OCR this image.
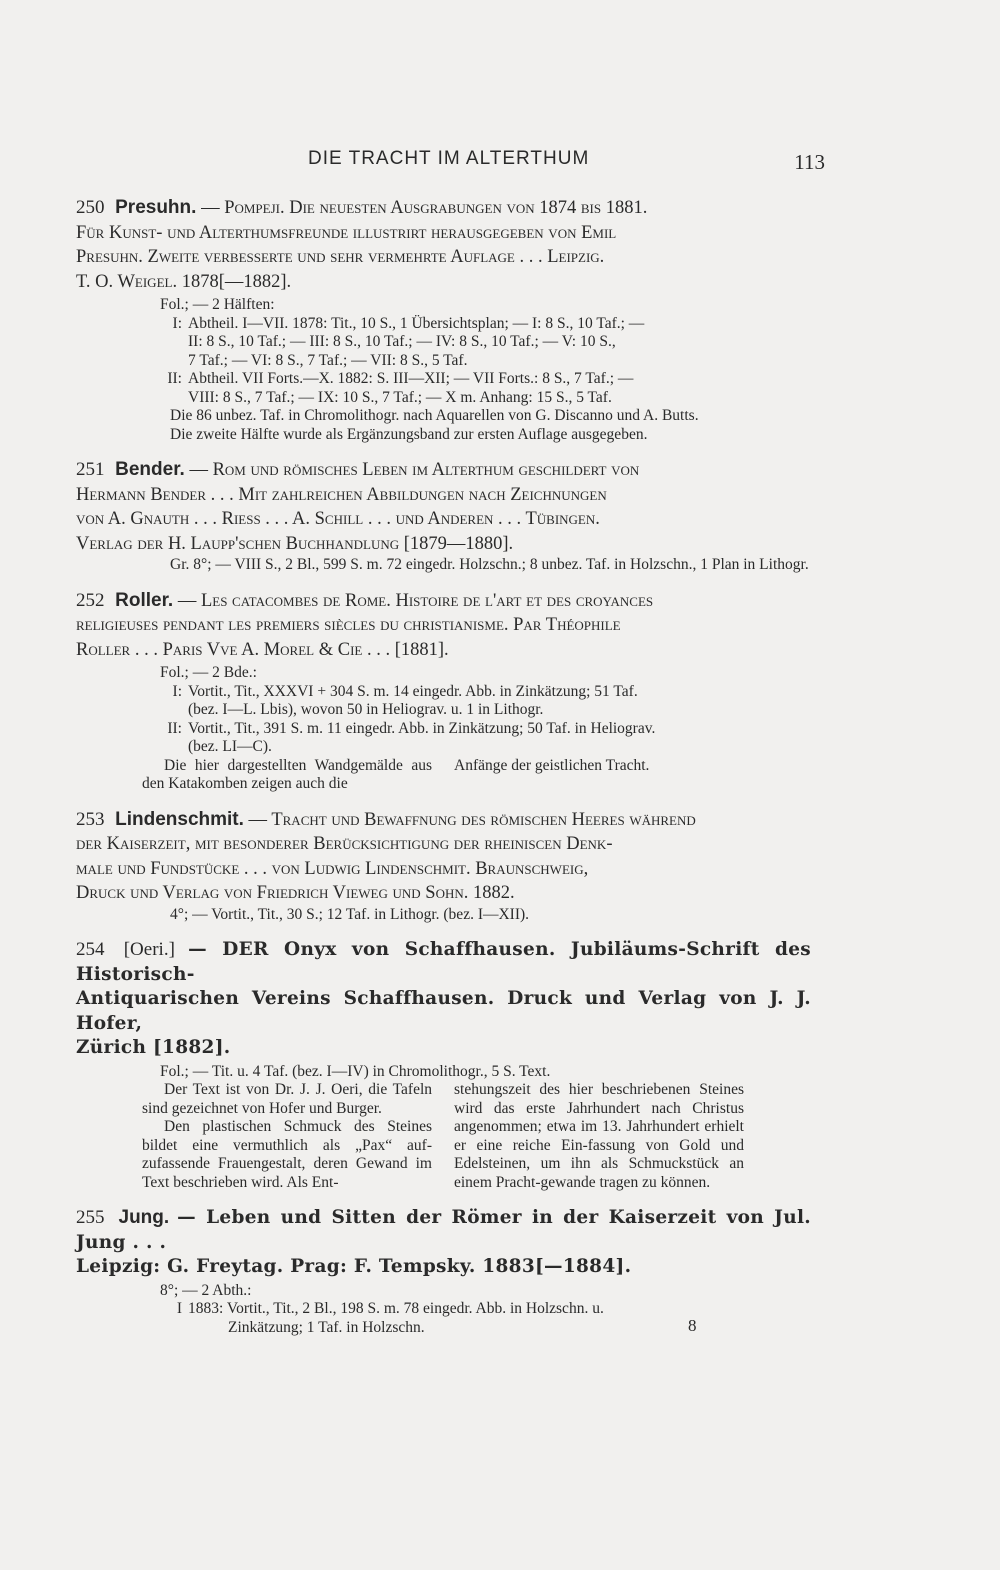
DIE TRACHT IM ALTERTHUM	113
250 Presuhn. — Pompeji. Die neuesten Ausgrabungen von 1874 bis 1881.
Für Kunst- und Alterthumsfreunde illustrirt herausgegeben von Emil
Presuhn. Zweite verbesserte und sehr vermehrte Auflage . . . Leipzig.
T. O. Weigel. 1878[—1882].
Fol.; — 2 Hälften:
I: Abtheil. I—VII. 1878: Tit., 10 S., 1 Übersichtsplan; — I: 8 S., 10 Taf.; —
II: 8 S., 10 Taf.; — III: 8 S., 10 Taf.; — IV: 8 S., 10 Taf.; — V: 10 S.,
7 Taf.; — VI: 8 S., 7 Taf.; — VII: 8 S., 5 Taf.
II: Abtheil. VII Forts.—X. 1882: S. III—XII; — VII Forts.: 8 S., 7 Taf.; —
VIII: 8 S., 7 Taf.; — IX: 10 S., 7 Taf.; — X m. Anhang: 15 S., 5 Taf.

Die 86 unbez. Taf. in Chromolithogr. nach Aquarellen von G. Discanno und A. Butts.

Die zweite Hälfte wurde als Ergänzungsband zur ersten Auflage ausgegeben.

251 Bender. — Rom und römisches Leben im Alterthum geschildert von
Hermann Bender . . . Mit zahlreichen Abbildungen nach Zeichnungen
von A. Gnauth . . . Riess . . . A. Schill . . . und Anderen . . . Tübingen.
Verlag der H. Laupp'schen Buchhandlung [1879—1880].

Gr. 8°; — VIII S., 2 Bl., 599 S. m. 72 eingedr. Holzschn.; 8 unbez. Taf. in Holzschn., 1 Plan in Lithogr.

252 Roller. — Les catacombes de Rome. Histoire de l'art et des croyances
religieuses pendant les premiers siècles du christianisme. Par Théophile
Roller . . . Paris Vve A. Morel & Cie . . . [1881].
Fol.; — 2 Bde.:
I: Vortit., Tit., XXXVI + 304 S. m. 14 eingedr. Abb. in Zinkätzung; 51 Taf.
(bez. I—L. Lbis), wovon 50 in Heliograv. u. 1 in Lithogr.
II: Vortit., Tit., 391 S. m. 11 eingedr. Abb. in Zinkätzung; 50 Taf. in Heliograv.
(bez. LI—C).

Die hier dargestellten Wandgemälde aus den Katakomben zeigen auch die

Anfänge der geistlichen Tracht.

253 Lindenschmit. — Tracht und Bewaffnung des römischen Heeres während
der Kaiserzeit, mit besonderer Berücksichtigung der rheiniscen Denk-
male und Fundstücke . . . von Ludwig Lindenschmit. Braunschweig,
Druck und Verlag von Friedrich Vieweg und Sohn. 1882.

4°; — Vortit., Tit., 30 S.; 12 Taf. in Lithogr. (bez. I—XII).

254 [Oeri.] — DER Onyx von Schaffhausen. Jubiläums-Schrift des Historisch-
Antiquarischen Vereins Schaffhausen. Druck und Verlag von J. J. Hofer,
Zürich [1882].
Fol.; — Tit. u. 4 Taf. (bez. I—IV) in Chromolithogr., 5 S. Text.

Der Text ist von Dr. J. J. Oeri, die Tafeln sind gezeichnet von Hofer und Burger.

Den plastischen Schmuck des Steines bildet eine vermuthlich als „Pax“ auf-zufassende Frauengestalt, deren Gewand im Text beschrieben wird. Als Ent-

stehungszeit des hier beschriebenen Steines wird das erste Jahrhundert nach Christus angenommen; etwa im 13. Jahrhundert erhielt er eine reiche Ein-fassung von Gold und Edelsteinen, um ihn als Schmuckstück an einem Pracht-gewande tragen zu können.

255 Jung. — Leben und Sitten der Römer in der Kaiserzeit von Jul. Jung . . .
Leipzig: G. Freytag. Prag: F. Tempsky. 1883[—1884].
8°; — 2 Abth.:
I 1883: Vortit., Tit., 2 Bl., 198 S. m. 78 eingedr. Abb. in Holzschn. u.
Zinkätzung; 1 Taf. in Holzschn.	8
